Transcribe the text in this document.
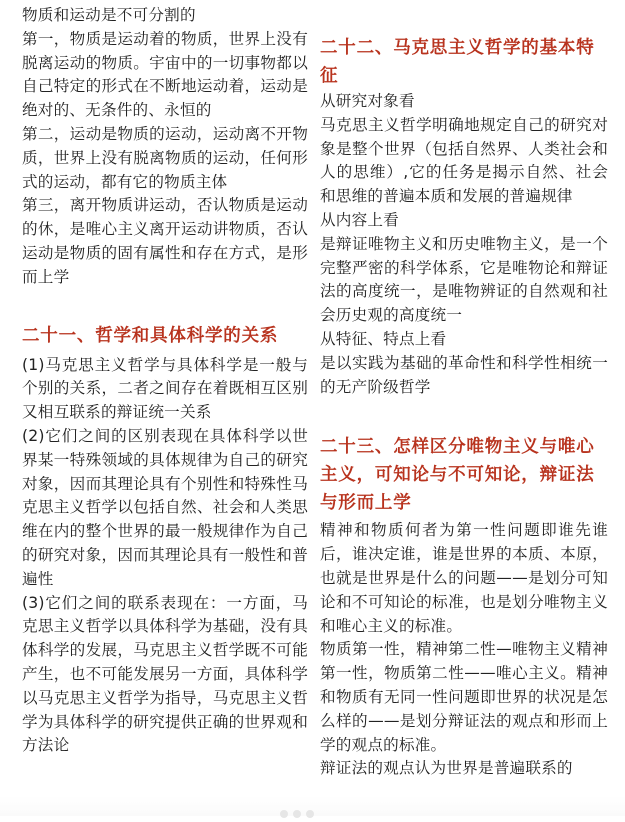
物质和运动是不可分割的

第一，物质是运动着的物质，世界上没有脱离运动的物质。宇宙中的一切事物都以自己特定的形式在不断地运动着，运动是绝对的、无条件的、永恒的

第二，运动是物质的运动，运动离不开物质，世界上没有脱离物质的运动，任何形式的运动，都有它的物质主体

第三，离开物质讲运动，否认物质是运动的休，是唯心主义离开运动讲物质，否认运动是物质的固有属性和存在方式，是形而上学

二十一、哲学和具体科学的关系

(1)马克思主义哲学与具体科学是一般与个别的关系，二者之间存在着既相互区别又相互联系的辩证统一关系

(2)它们之间的区别表现在具体科学以世界某一特殊领域的具体规律为自己的研究对象，因而其理论具有个别性和特殊性马克思主义哲学以包括自然、社会和人类思维在内的整个世界的最一般规律作为自己的研究对象，因而其理论具有一般性和普遍性

(3)它们之间的联系表现在：一方面，马克思主义哲学以具体科学为基础，没有具体科学的发展，马克思主义哲学既不可能产生，也不可能发展另一方面，具体科学以马克思主义哲学为指导，马克思主义哲学为具体科学的研究提供正确的世界观和方法论

二十二、马克思主义哲学的基本特征

从研究对象看

马克思主义哲学明确地规定自己的研究对象是整个世界（包括自然界、人类社会和人的思维）,它的任务是揭示自然、社会和思维的普遍本质和发展的普遍规律

从内容上看

是辩证唯物主义和历史唯物主义，是一个完整严密的科学体系，它是唯物论和辩证法的高度统一，是唯物辨证的自然观和社会历史观的高度统一

从特征、特点上看

是以实践为基础的革命性和科学性相统一的无产阶级哲学

二十三、怎样区分唯物主义与唯心主义，可知论与不可知论，辩证法与形而上学

精神和物质何者为第一性问题即谁先谁后，谁决定谁，谁是世界的本质、本原，也就是世界是什么的问题——是划分可知论和不可知论的标准，也是划分唯物主义和唯心主义的标准。

物质第一性，精神第二性—唯物主义精神第一性，物质第二性——唯心主义。精神和物质有无同一性问题即世界的状况是怎么样的——是划分辩证法的观点和形而上学的观点的标准。

辩证法的观点认为世界是普遍联系的
